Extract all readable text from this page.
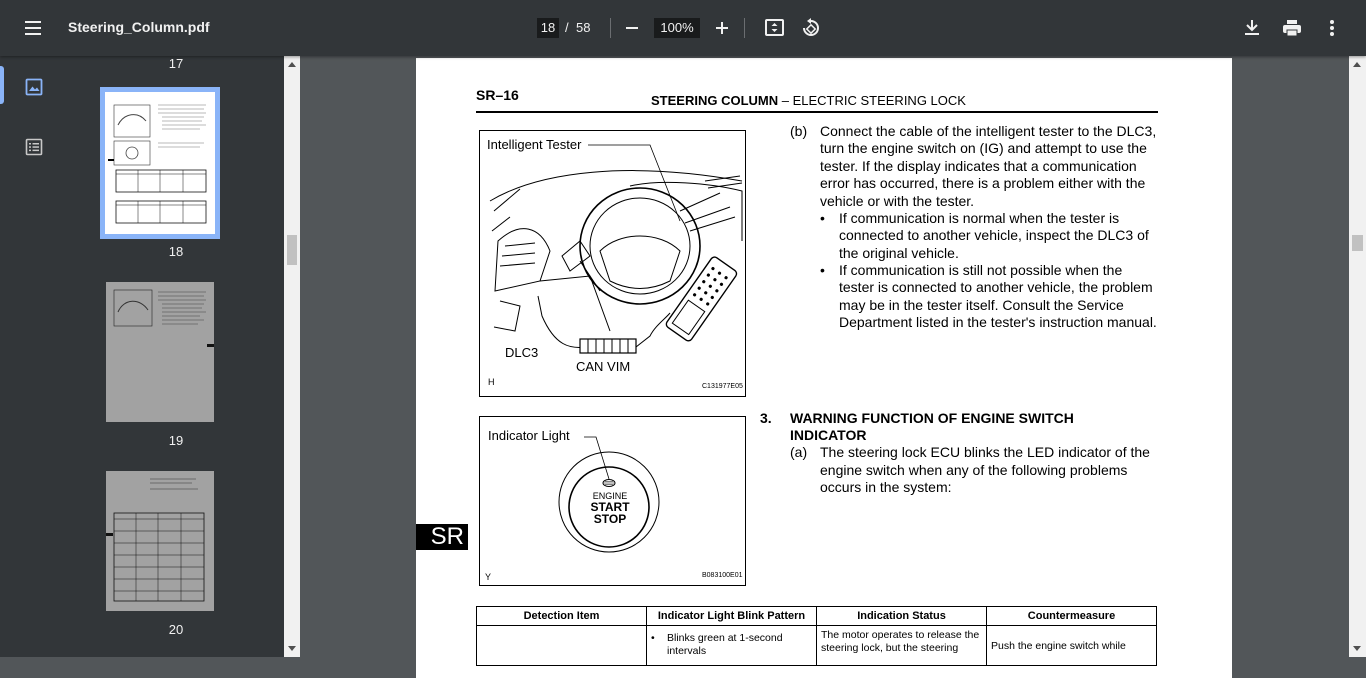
Steering_Column.pdf	18 / 58	100%
17
18
19
20
SR–16	STEERING COLUMN – ELECTRIC STEERING LOCK
Intelligent Tester
DLC3
CAN VIM
H	C131977E05
Indicator Light
ENGINE
START
STOP
Y	B083100E01
(b) Connect the cable of the intelligent tester to the DLC3, turn the engine switch on (IG) and attempt to use the tester. If the display indicates that a communication error has occurred, there is a problem either with the vehicle or with the tester.
• If communication is normal when the tester is connected to another vehicle, inspect the DLC3 of the original vehicle.
• If communication is still not possible when the tester is connected to another vehicle, the problem may be in the tester itself. Consult the Service Department listed in the tester's instruction manual.
3. WARNING FUNCTION OF ENGINE SWITCH INDICATOR
(a) The steering lock ECU blinks the LED indicator of the engine switch when any of the following problems occurs in the system:
SR
Detection Item	Indicator Light Blink Pattern	Indication Status	Countermeasure
	• Blinks green at 1-second intervals	The motor operates to release the steering lock, but the steering	Push the engine switch while
